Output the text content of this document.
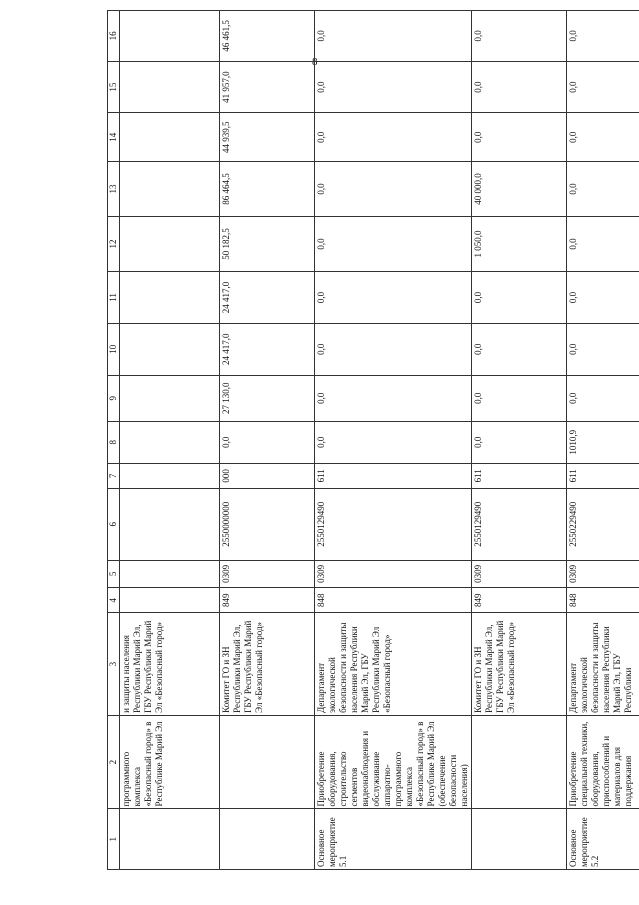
8
1	2	3	4	5	6	7	8	9	10	11	12	13	14	15	16
	программного комплекса «Безопасный город» в Республике Марий Эл	и защиты населения Республики Марий Эл, ГБУ Республики Марий Эл «Безопасный город»													
		Комитет ГО и ЗН Республики Марий Эл, ГБУ Республики Марий Эл «Безопасный город»	849	0309	2550000000	000	0,0	27 130,0	24 417,0	24 417,0	50 182,5	86 464,5	44 939,5	41 957,0	46 461,5
Основное мероприятие 5.1	Приобретение оборудования, строительство сегментов видеонаблюдения и обслуживание аппаратно-программного комплекса «Безопасный город» в Республике Марий Эл (обеспечение безопасности населения)	Департамент экологической безопасности и защиты населения Республики Марий Эл, ГБУ Республики Марий Эл «Безопасный город»	848	0309	2550129490	611	0,0	0,0	0,0	0,0	0,0	0,0	0,0	0,0	0,0
		Комитет ГО и ЗН Республики Марий Эл, ГБУ Республики Марий Эл «Безопасный город»	849	0309	2550129490	611	0,0	0,0	0,0	0,0	1 050,0	40 000,0	0,0	0,0	0,0
Основное мероприятие 5.2	Приобретение специальной техники, оборудования, приспособлений и материалов для поддержания	Департамент экологической безопасности и защиты населения Республики Марий Эл, ГБУ Республики	848	0309	2550229490	611	1010,9	0,0	0,0	0,0	0,0	0,0	0,0	0,0	0,0
